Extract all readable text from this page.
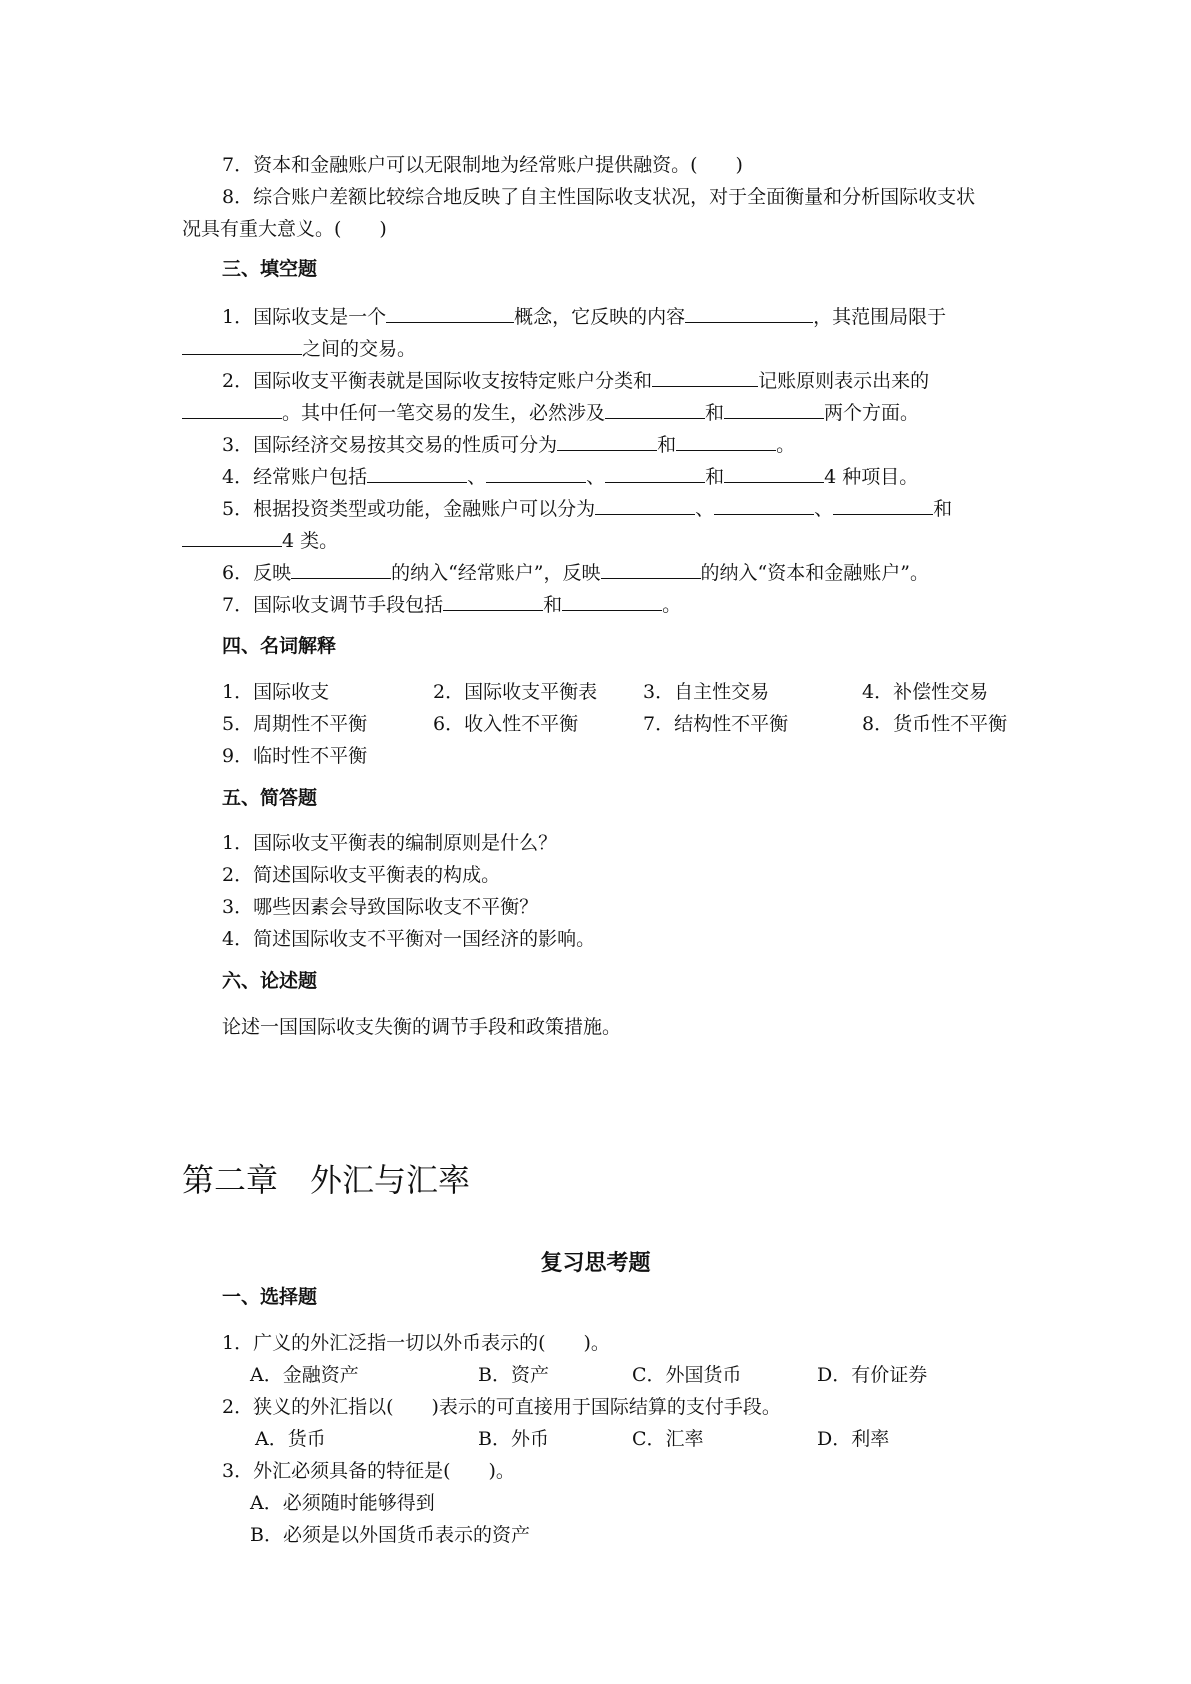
7．资本和金融账户可以无限制地为经常账户提供融资。(　　)
8．综合账户差额比较综合地反映了自主性国际收支状况，对于全面衡量和分析国际收支状
况具有重大意义。(　　)
三、填空题
1．国际收支是一个	概念，它反映的内容	，其范围局限于
之间的交易。
2．国际收支平衡表就是国际收支按特定账户分类和	记账原则表示出来的
。其中任何一笔交易的发生，必然涉及	和	两个方面。
3．国际经济交易按其交易的性质可分为	和	。
4．经常账户包括	、	、	和	4 种项目。
5．根据投资类型或功能，金融账户可以分为	、	、	和
4 类。
6．反映	的纳入“经常账户”，反映	的纳入“资本和金融账户”。
7．国际收支调节手段包括	和	。
四、名词解释
1．国际收支	2．国际收支平衡表 3．自主性交易	4．补偿性交易
5．周期性不平衡	6．收入性不平衡	7．结构性不平衡	8．货币性不平衡
9．临时性不平衡
五、简答题
1．国际收支平衡表的编制原则是什么？
2．简述国际收支平衡表的构成。
3．哪些因素会导致国际收支不平衡？
4．简述国际收支不平衡对一国经济的影响。
六、论述题
论述一国国际收支失衡的调节手段和政策措施。
第二章　外汇与汇率
复习思考题
一、选择题
1．广义的外汇泛指一切以外币表示的(　　)。
A．金融资产	B．资产	C．外国货币	D．有价证券
2．狭义的外汇指以(　　)表示的可直接用于国际结算的支付手段。
A．货币	B．外币	C．汇率	D．利率
3．外汇必须具备的特征是(　　)。
A．必须随时能够得到
B．必须是以外国货币表示的资产
